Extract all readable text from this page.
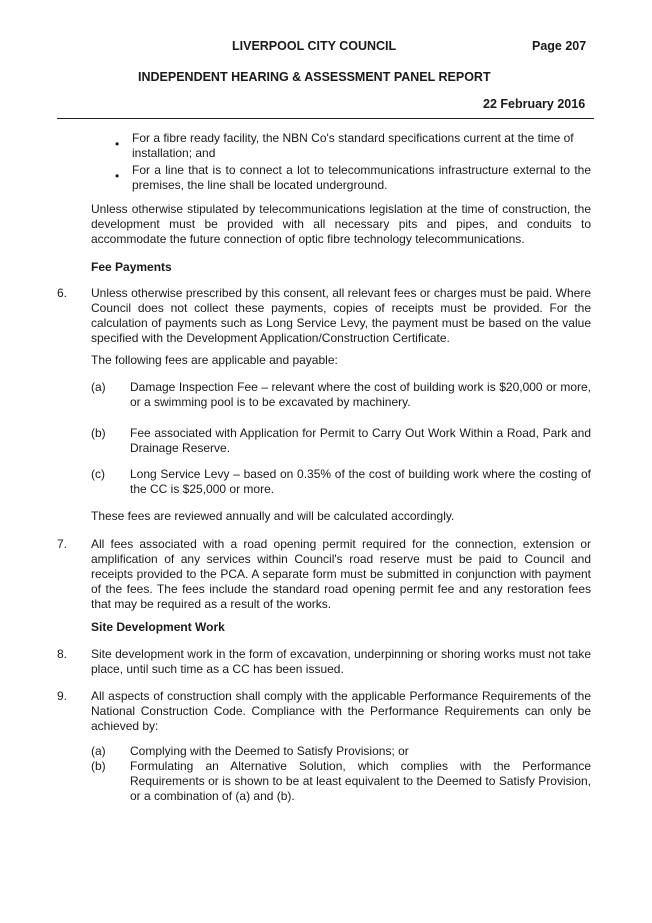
LIVERPOOL CITY COUNCIL	Page 207
INDEPENDENT HEARING & ASSESSMENT PANEL REPORT
22 February 2016
• For a fibre ready facility, the NBN Co's standard specifications current at the time of installation; and
• For a line that is to connect a lot to telecommunications infrastructure external to the premises, the line shall be located underground.
Unless otherwise stipulated by telecommunications legislation at the time of construction, the development must be provided with all necessary pits and pipes, and conduits to accommodate the future connection of optic fibre technology telecommunications.
Fee Payments
6.	Unless otherwise prescribed by this consent, all relevant fees or charges must be paid. Where Council does not collect these payments, copies of receipts must be provided. For the calculation of payments such as Long Service Levy, the payment must be based on the value specified with the Development Application/Construction Certificate.
The following fees are applicable and payable:
(a)	Damage Inspection Fee – relevant where the cost of building work is $20,000 or more, or a swimming pool is to be excavated by machinery.
(b)	Fee associated with Application for Permit to Carry Out Work Within a Road, Park and Drainage Reserve.
(c)	Long Service Levy – based on 0.35% of the cost of building work where the costing of the CC is $25,000 or more.
These fees are reviewed annually and will be calculated accordingly.
7.	All fees associated with a road opening permit required for the connection, extension or amplification of any services within Council's road reserve must be paid to Council and receipts provided to the PCA. A separate form must be submitted in conjunction with payment of the fees. The fees include the standard road opening permit fee and any restoration fees that may be required as a result of the works.
Site Development Work
8.	Site development work in the form of excavation, underpinning or shoring works must not take place, until such time as a CC has been issued.
9.	All aspects of construction shall comply with the applicable Performance Requirements of the National Construction Code. Compliance with the Performance Requirements can only be achieved by:
(a)	Complying with the Deemed to Satisfy Provisions; or
(b)	Formulating an Alternative Solution, which complies with the Performance Requirements or is shown to be at least equivalent to the Deemed to Satisfy Provision, or a combination of (a) and (b).
